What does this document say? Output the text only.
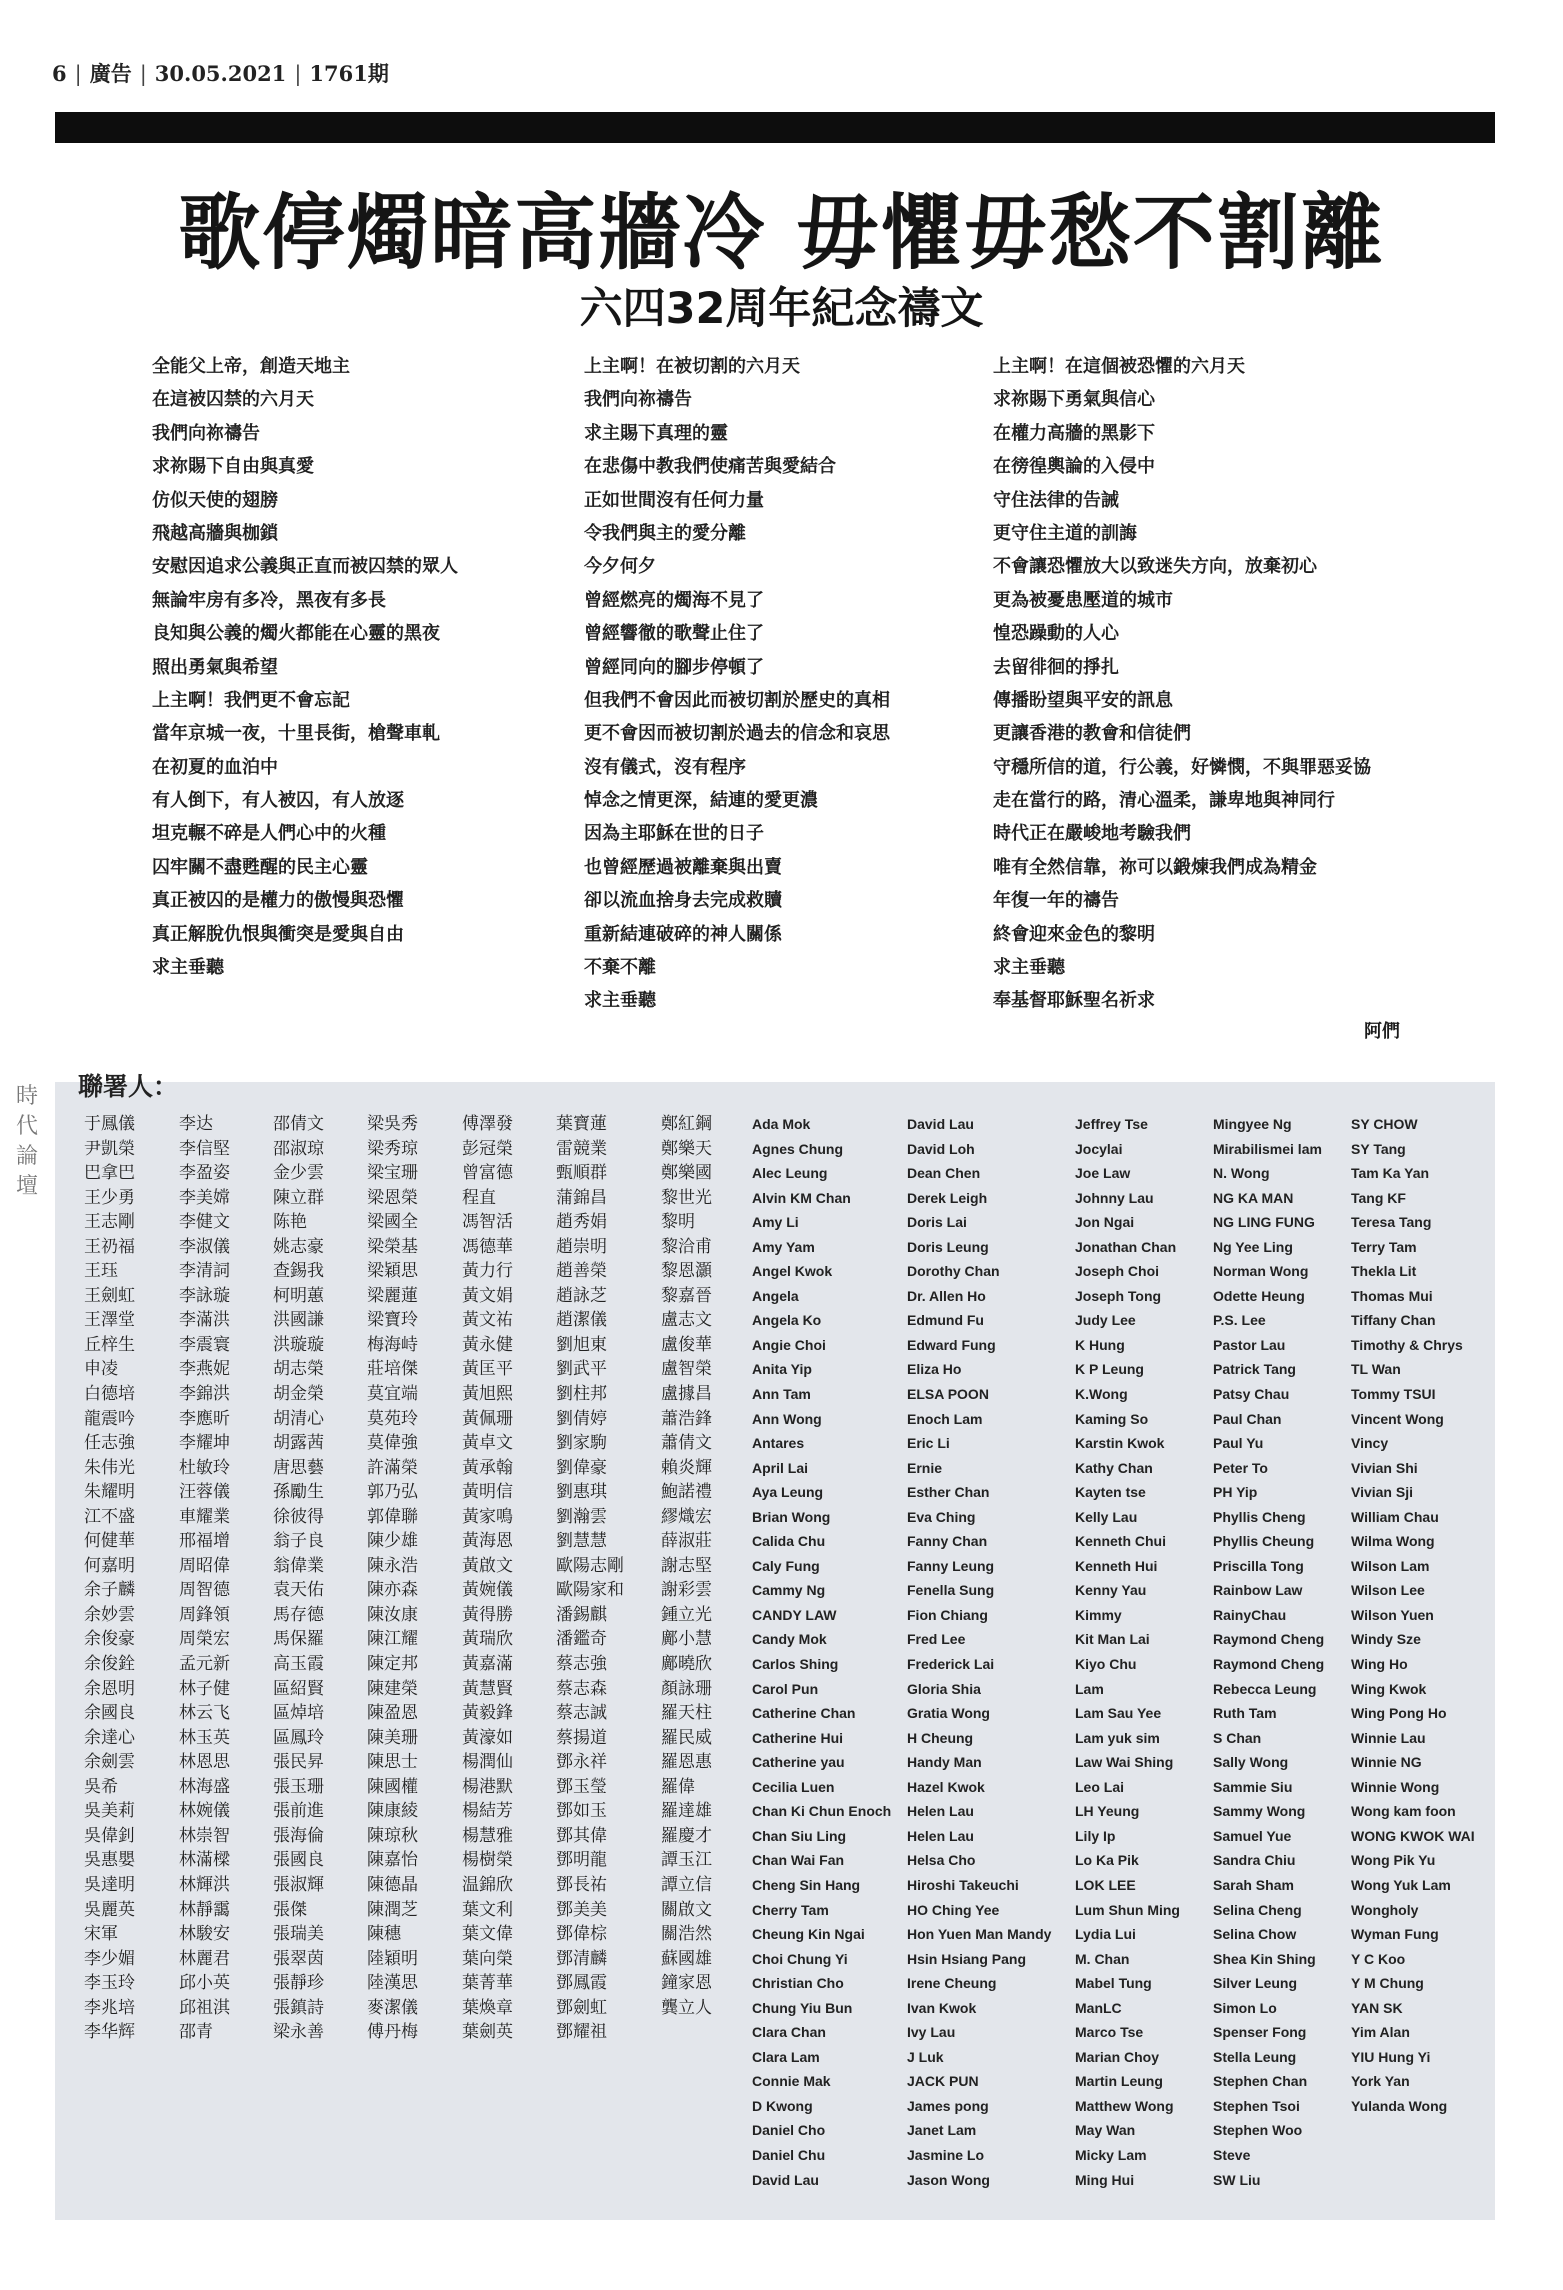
6 | 廣告 | 30.05.2021 | 1761期
歌停燭暗高牆冷 毋懼毋愁不割離
六四32周年紀念禱文
全能父上帝，創造天地主
在這被囚禁的六月天
我們向祢禱告
求祢賜下自由與真愛
仿似天使的翅膀
飛越高牆與枷鎖
安慰因追求公義與正直而被囚禁的眾人
無論牢房有多冷，黑夜有多長
良知與公義的燭火都能在心靈的黑夜
照出勇氣與希望
上主啊！我們更不會忘記
當年京城一夜，十里長街，槍聲車軋
在初夏的血泊中
有人倒下，有人被囚，有人放逐
坦克輾不碎是人們心中的火種
囚牢關不盡甦醒的民主心靈
真正被囚的是權力的傲慢與恐懼
真正解脫仇恨與衝突是愛與自由
求主垂聽
上主啊！在被切割的六月天
我們向祢禱告
求主賜下真理的靈
在悲傷中教我們使痛苦與愛結合
正如世間沒有任何力量
令我們與主的愛分離
今夕何夕
曾經燃亮的燭海不見了
曾經響徹的歌聲止住了
曾經同向的腳步停頓了
但我們不會因此而被切割於歷史的真相
更不會因而被切割於過去的信念和哀思
沒有儀式，沒有程序
悼念之情更深，結連的愛更濃
因為主耶穌在世的日子
也曾經歷過被離棄與出賣
卻以流血捨身去完成救贖
重新結連破碎的神人關係
不棄不離
求主垂聽
上主啊！在這個被恐懼的六月天
求祢賜下勇氣與信心
在權力高牆的黑影下
在徬徨輿論的入侵中
守住法律的告誡
更守住主道的訓誨
不會讓恐懼放大以致迷失方向，放棄初心
更為被憂患壓道的城市
惶恐躁動的人心
去留徘徊的掙扎
傳播盼望與平安的訊息
更讓香港的教會和信徒們
守穩所信的道，行公義，好憐憫，不與罪惡妥協
走在當行的路，清心溫柔，謙卑地與神同行
時代正在嚴峻地考驗我們
唯有全然信靠，祢可以鍛煉我們成為精金
年復一年的禱告
終會迎來金色的黎明
求主垂聽
奉基督耶穌聖名祈求
阿們
時
代
論
壇
聯署人：
于鳳儀
尹凱榮
巴拿巴
王少勇
王志剛
王礽福
王珏
王劍虹
王澤堂
丘梓生
申凌
白德培
龍震吟
任志強
朱伟光
朱耀明
江不盛
何健華
何嘉明
余子麟
余妙雲
余俊豪
余俊銓
余恩明
余國良
余達心
余劍雲
吳希
吳美莉
吳偉釗
吳惠嬰
吳達明
吳麗英
宋軍
李少媚
李玉玲
李兆培
李华辉
李达
李信堅
李盈姿
李美嫦
李健文
李淑儀
李清詞
李詠璇
李滿洪
李震寰
李燕妮
李錦洪
李應昕
李耀坤
杜敏玲
汪蓉儀
車耀業
邢福增
周昭偉
周智德
周鋒領
周榮宏
孟元新
林子健
林云飞
林玉英
林恩思
林海盛
林婉儀
林崇智
林滿樑
林輝洪
林靜靄
林駿安
林麗君
邱小英
邱祖淇
邵青
邵倩文
邵淑琼
金少雲
陳立群
陈艳
姚志豪
查錫我
柯明蕙
洪國謙
洪璇璇
胡志榮
胡金榮
胡清心
胡露茜
唐思藝
孫勵生
徐彼得
翁子良
翁偉業
袁天佑
馬存德
馬保羅
高玉霞
區紹賢
區焯培
區鳳玲
張民昇
張玉珊
張前進
張海倫
張國良
張淑輝
張傑
張瑞美
張翠茵
張靜珍
張鎮詩
梁永善
梁吳秀
梁秀琼
梁宝珊
梁恩榮
梁國全
梁榮基
梁穎思
梁麗蓮
梁寶玲
梅海峙
莊培傑
莫宜端
莫苑玲
莫偉強
許滿榮
郭乃弘
郭偉聯
陳少雄
陳永浩
陳亦森
陳汝康
陳江耀
陳定邦
陳建榮
陳盈恩
陳美珊
陳思士
陳國權
陳康綾
陳琼秋
陳嘉怡
陳德晶
陳潤芝
陳穗
陸穎明
陸漢思
麥潔儀
傅丹梅
傅澤發
彭冠榮
曾富德
程直
馮智活
馮德華
黃力行
黃文娟
黃文祐
黃永健
黃匡平
黃旭熙
黃佩珊
黃卓文
黃承翰
黃明信
黃家鳴
黃海恩
黃啟文
黃婉儀
黃得勝
黃瑞欣
黃嘉滿
黃慧賢
黃毅鋒
黃濠如
楊潤仙
楊港默
楊結芳
楊慧雅
楊樹榮
温錦欣
葉文利
葉文偉
葉向榮
葉菁華
葉煥章
葉劍英
葉寶蓮
雷競業
甄順群
蒲錦昌
趙秀娟
趙崇明
趙善榮
趙詠芝
趙潔儀
劉旭東
劉武平
劉柱邦
劉倩婷
劉家駒
劉偉豪
劉惠琪
劉瀚雲
劉慧慧
歐陽志剛
歐陽家和
潘錫麒
潘鑑奇
蔡志強
蔡志森
蔡志誠
蔡揚道
鄧永祥
鄧玉瑩
鄧如玉
鄧其偉
鄧明龍
鄧長祐
鄧美美
鄧偉棕
鄧清麟
鄧鳳霞
鄧劍虹
鄧耀祖
鄭紅鋼
鄭樂天
鄭樂國
黎世光
黎明
黎洽甫
黎恩灝
黎嘉晉
盧志文
盧俊華
盧智榮
盧據昌
蕭浩鋒
蕭倩文
賴炎輝
鮑諾禮
繆熾宏
薛淑莊
謝志堅
謝彩雲
鍾立光
鄺小慧
鄺曉欣
顏詠珊
羅天柱
羅民威
羅恩惠
羅偉
羅達雄
羅慶才
譚玉江
譚立信
關啟文
關浩然
蘇國雄
鐘家恩
龔立人
Ada Mok
Agnes Chung
Alec Leung
Alvin KM Chan
Amy Li
Amy Yam
Angel Kwok
Angela
Angela Ko
Angie Choi
Anita Yip
Ann Tam
Ann Wong
Antares
April Lai
Aya Leung
Brian Wong
Calida Chu
Caly Fung
Cammy Ng
CANDY LAW
Candy Mok
Carlos Shing
Carol Pun
Catherine Chan
Catherine Hui
Catherine yau
Cecilia Luen
Chan Ki Chun Enoch
Chan Siu Ling
Chan Wai Fan
Cheng Sin Hang
Cherry Tam
Cheung Kin Ngai
Choi Chung Yi
Christian Cho
Chung Yiu Bun
Clara Chan
Clara Lam
Connie Mak
D Kwong
Daniel Cho
Daniel Chu
David Lau
David Lau
David Loh
Dean Chen
Derek Leigh
Doris Lai
Doris Leung
Dorothy Chan
Dr. Allen Ho
Edmund Fu
Edward Fung
Eliza Ho
ELSA POON
Enoch Lam
Eric Li
Ernie
Esther Chan
Eva Ching
Fanny Chan
Fanny Leung
Fenella Sung
Fion Chiang
Fred Lee
Frederick Lai
Gloria Shia
Gratia Wong
H Cheung
Handy Man
Hazel Kwok
Helen Lau
Helen Lau
Helsa Cho
Hiroshi Takeuchi
HO Ching Yee
Hon Yuen Man Mandy
Hsin Hsiang Pang
Irene Cheung
Ivan Kwok
Ivy Lau
J Luk
JACK PUN
James pong
Janet Lam
Jasmine Lo
Jason Wong
Jeffrey Tse
Jocylai
Joe Law
Johnny Lau
Jon Ngai
Jonathan Chan
Joseph Choi
Joseph Tong
Judy Lee
K Hung
K P Leung
K.Wong
Kaming So
Karstin Kwok
Kathy Chan
Kayten tse
Kelly Lau
Kenneth Chui
Kenneth Hui
Kenny Yau
Kimmy
Kit Man Lai
Kiyo Chu
Lam
Lam Sau Yee
Lam yuk sim
Law Wai Shing
Leo Lai
LH Yeung
Lily Ip
Lo Ka Pik
LOK LEE
Lum Shun Ming
Lydia Lui
M. Chan
Mabel Tung
ManLC
Marco Tse
Marian Choy
Martin Leung
Matthew Wong
May Wan
Micky Lam
Ming Hui
Mingyee Ng
Mirabilismei lam
N. Wong
NG KA MAN
NG LING FUNG
Ng Yee Ling
Norman Wong
Odette Heung
P.S. Lee
Pastor Lau
Patrick Tang
Patsy Chau
Paul Chan
Paul Yu
Peter To
PH Yip
Phyllis Cheng
Phyllis Cheung
Priscilla Tong
Rainbow Law
RainyChau
Raymond Cheng
Raymond Cheng
Rebecca Leung
Ruth Tam
S Chan
Sally Wong
Sammie Siu
Sammy Wong
Samuel Yue
Sandra Chiu
Sarah Sham
Selina Cheng
Selina Chow
Shea Kin Shing
Silver Leung
Simon Lo
Spenser Fong
Stella Leung
Stephen Chan
Stephen Tsoi
Stephen Woo
Steve
SW Liu
SY CHOW
SY Tang
Tam Ka Yan
Tang KF
Teresa Tang
Terry Tam
Thekla Lit
Thomas Mui
Tiffany Chan
Timothy & Chrys
TL Wan
Tommy TSUI
Vincent Wong
Vincy
Vivian Shi
Vivian Sji
William Chau
Wilma Wong
Wilson Lam
Wilson Lee
Wilson Yuen
Windy Sze
Wing Ho
Wing Kwok
Wing Pong Ho
Winnie Lau
Winnie NG
Winnie Wong
Wong kam foon
WONG KWOK WAI
Wong Pik Yu
Wong Yuk Lam
Wongholy
Wyman Fung
Y C Koo
Y M Chung
YAN SK
Yim Alan
YIU Hung Yi
York Yan
Yulanda Wong
